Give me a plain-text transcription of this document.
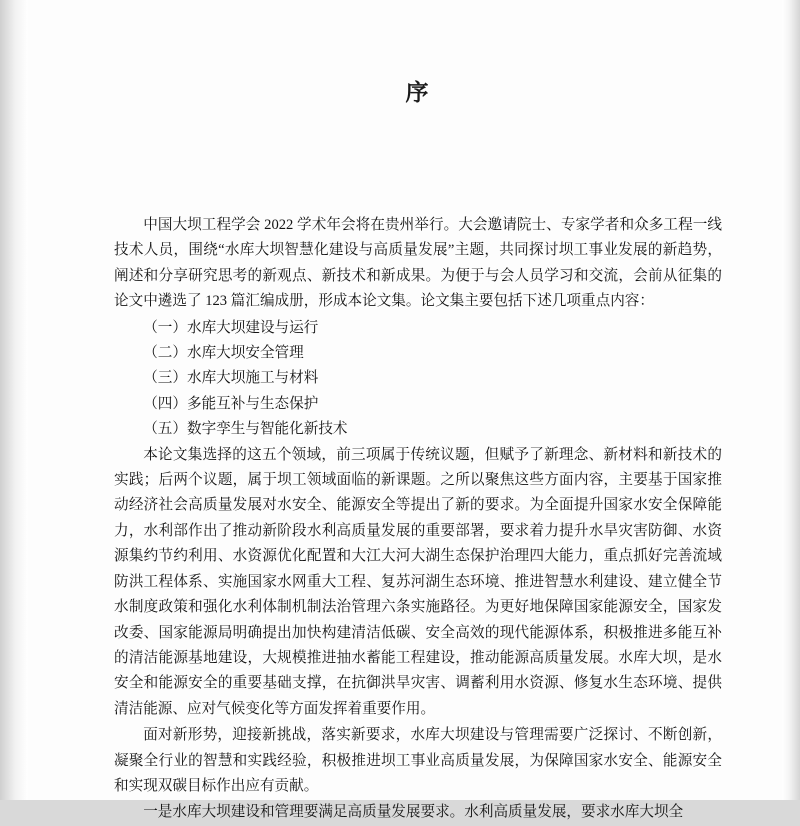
序

中国大坝工程学会 2022 学术年会将在贵州举行。大会邀请院士、专家学者和众多工程一线技术人员，围绕“水库大坝智慧化建设与高质量发展”主题，共同探讨坝工事业发展的新趋势，阐述和分享研究思考的新观点、新技术和新成果。为便于与会人员学习和交流，会前从征集的论文中遴选了 123 篇汇编成册，形成本论文集。论文集主要包括下述几项重点内容：

（一）水库大坝建设与运行
（二）水库大坝安全管理
（三）水库大坝施工与材料
（四）多能互补与生态保护
（五）数字孪生与智能化新技术

本论文集选择的这五个领域，前三项属于传统议题，但赋予了新理念、新材料和新技术的实践；后两个议题，属于坝工领域面临的新课题。之所以聚焦这些方面内容，主要基于国家推动经济社会高质量发展对水安全、能源安全等提出了新的要求。为全面提升国家水安全保障能力，水利部作出了推动新阶段水利高质量发展的重要部署，要求着力提升水旱灾害防御、水资源集约节约利用、水资源优化配置和大江大河大湖生态保护治理四大能力，重点抓好完善流域防洪工程体系、实施国家水网重大工程、复苏河湖生态环境、推进智慧水利建设、建立健全节水制度政策和强化水利体制机制法治管理六条实施路径。为更好地保障国家能源安全，国家发改委、国家能源局明确提出加快构建清洁低碳、安全高效的现代能源体系，积极推进多能互补的清洁能源基地建设，大规模推进抽水蓄能工程建设，推动能源高质量发展。水库大坝，是水安全和能源安全的重要基础支撑，在抗御洪旱灾害、调蓄利用水资源、修复水生态环境、提供清洁能源、应对气候变化等方面发挥着重要作用。

面对新形势，迎接新挑战，落实新要求，水库大坝建设与管理需要广泛探讨、不断创新，凝聚全行业的智慧和实践经验，积极推进坝工事业高质量发展，为保障国家水安全、能源安全和实现双碳目标作出应有贡献。

一是水库大坝建设和管理要满足高质量发展要求。水利高质量发展，要求水库大坝全
